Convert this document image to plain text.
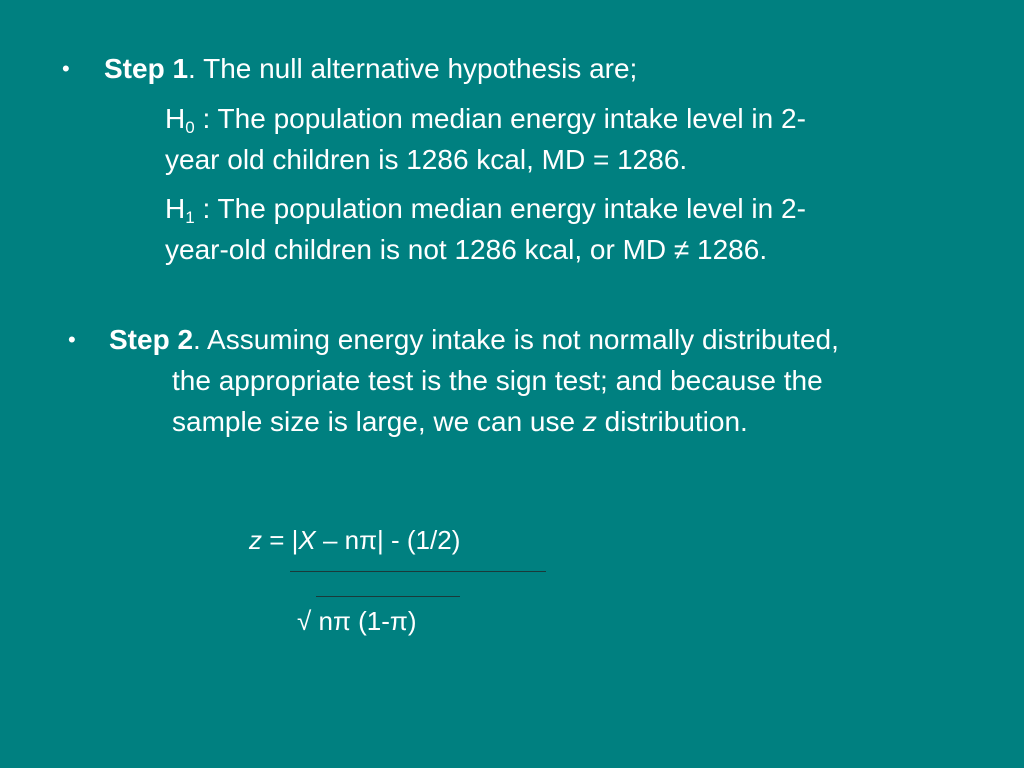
• Step 1. The null alternative hypothesis are;
$H_0$ : The population median energy intake level in 2-
year old children is 1286 kcal, MD = 1286.
$H_1$ : The population median energy intake level in 2-
year-old children is not 1286 kcal, or MD ≠ 1286.
• Step 2. Assuming energy intake is not normally distributed,
the appropriate test is the sign test; and because the
sample size is large, we can use z distribution.
z = |X – nπ| - (1/2)
√ nπ (1-π)
